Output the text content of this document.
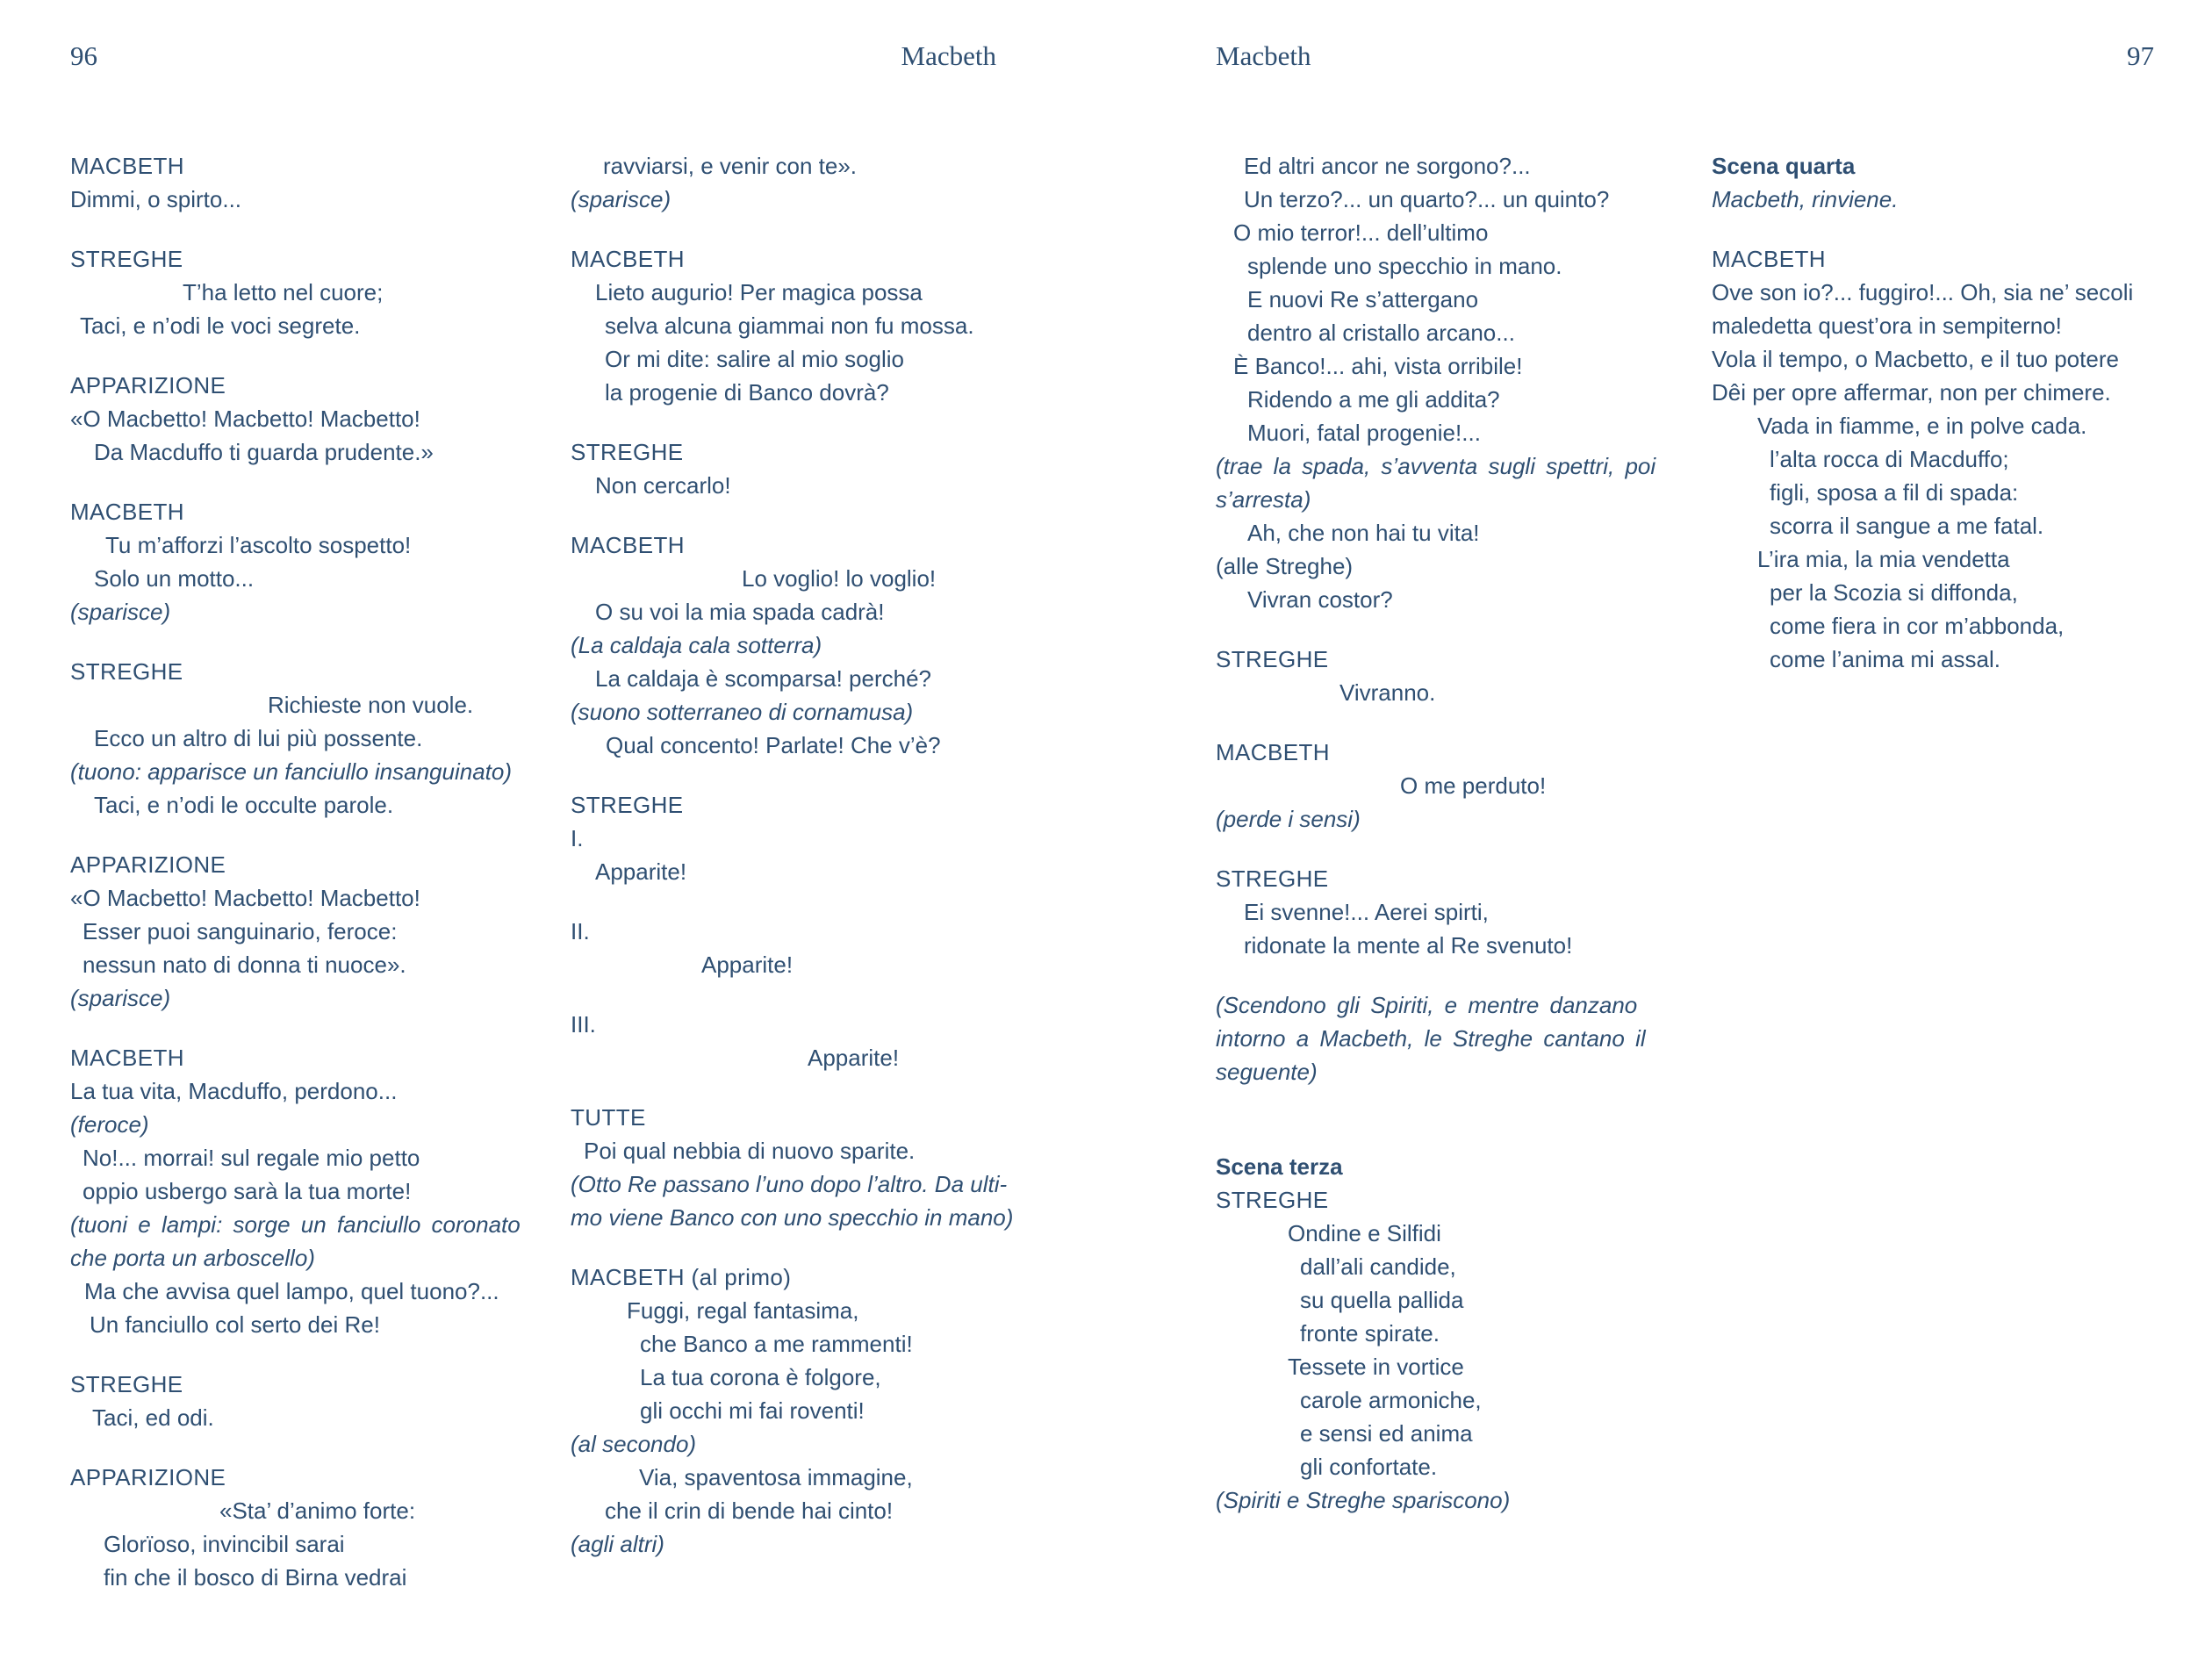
96	Macbeth	Macbeth	97
MACBETH
Dimmi, o spirto...
STREGHE
T’ha letto nel cuore;
Taci, e n’odi le voci segrete.
APPARIZIONE
«O Macbetto! Macbetto! Macbetto!
Da Macduffo ti guarda prudente.»
MACBETH
Tu m’afforzi l’ascolto sospetto!
Solo un motto...
(sparisce)
STREGHE
Richieste non vuole.
Ecco un altro di lui più possente.
(tuono: apparisce un fanciullo insanguinato)
Taci, e n’odi le occulte parole.
APPARIZIONE
«O Macbetto! Macbetto! Macbetto!
Esser puoi sanguinario, feroce:
nessun nato di donna ti nuoce».
(sparisce)
MACBETH
La tua vita, Macduffo, perdono...
(feroce)
No!... morrai! sul regale mio petto
oppio usbergo sarà la tua morte!
(tuoni e lampi: sorge un fanciullo coronato
che porta un arboscello)
Ma che avvisa quel lampo, quel tuono?...
Un fanciullo col serto dei Re!
STREGHE
Taci, ed odi.
APPARIZIONE
«Sta’ d’animo forte:
Glorïoso, invincibil sarai
fin che il bosco di Birna vedrai
ravviarsi, e venir con te».
(sparisce)
MACBETH
Lieto augurio! Per magica possa
selva alcuna giammai non fu mossa.
Or mi dite: salire al mio soglio
la progenie di Banco dovrà?
STREGHE
Non cercarlo!
MACBETH
Lo voglio! lo voglio!
O su voi la mia spada cadrà!
(La caldaja cala sotterra)
La caldaja è scomparsa! perché?
(suono sotterraneo di cornamusa)
Qual concento! Parlate! Che v’è?
STREGHE
I.
Apparite!
II.
Apparite!
III.
Apparite!
TUTTE
Poi qual nebbia di nuovo sparite.
(Otto Re passano l’uno dopo l’altro. Da ulti-
mo viene Banco con uno specchio in mano)
MACBETH (al primo)
Fuggi, regal fantasima,
che Banco a me rammenti!
La tua corona è folgore,
gli occhi mi fai roventi!
(al secondo)
Via, spaventosa immagine,
che il crin di bende hai cinto!
(agli altri)
Ed altri ancor ne sorgono?...
Un terzo?... un quarto?... un quinto?
O mio terror!... dell’ultimo
splende uno specchio in mano.
E nuovi Re s’attergano
dentro al cristallo arcano...
È Banco!... ahi, vista orribile!
Ridendo a me gli addita?
Muori, fatal progenie!...
(trae la spada, s’avventa sugli spettri, poi
s’arresta)
Ah, che non hai tu vita!
(alle Streghe)
Vivran costor?
STREGHE
Vivranno.
MACBETH
O me perduto!
(perde i sensi)
STREGHE
Ei svenne!... Aerei spirti,
ridonate la mente al Re svenuto!
(Scendono gli Spiriti, e mentre danzano
intorno a Macbeth, le Streghe cantano il
seguente)
Scena terza
STREGHE
Ondine e Silfidi
dall’ali candide,
su quella pallida
fronte spirate.
Tessete in vortice
carole armoniche,
e sensi ed anima
gli confortate.
(Spiriti e Streghe spariscono)
Scena quarta
Macbeth, rinviene.
MACBETH
Ove son io?... fuggiro!... Oh, sia ne’ secoli
maledetta quest’ora in sempiterno!
Vola il tempo, o Macbetto, e il tuo potere
Dêi per opre affermar, non per chimere.
Vada in fiamme, e in polve cada.
l’alta rocca di Macduffo;
figli, sposa a fil di spada:
scorra il sangue a me fatal.
L’ira mia, la mia vendetta
per la Scozia si diffonda,
come fiera in cor m’abbonda,
come l’anima mi assal.
